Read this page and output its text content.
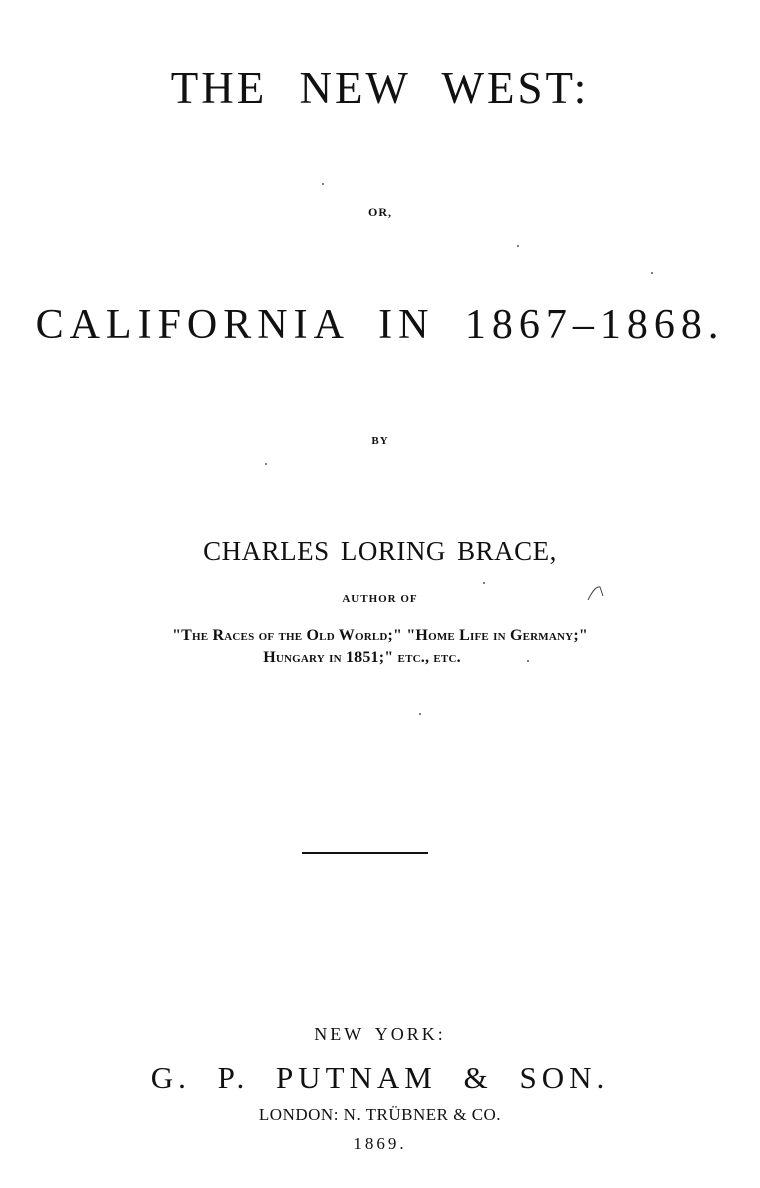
THE NEW WEST:
OR,
CALIFORNIA IN 1867–1868.
BY
CHARLES LORING BRACE,
AUTHOR OF
"The Races of the Old World;" "Home Life in Germany;"
Hungary in 1851;" etc., etc.
NEW YORK:
G. P. PUTNAM & SON.
LONDON: N. TRÜBNER & CO.
1869.
